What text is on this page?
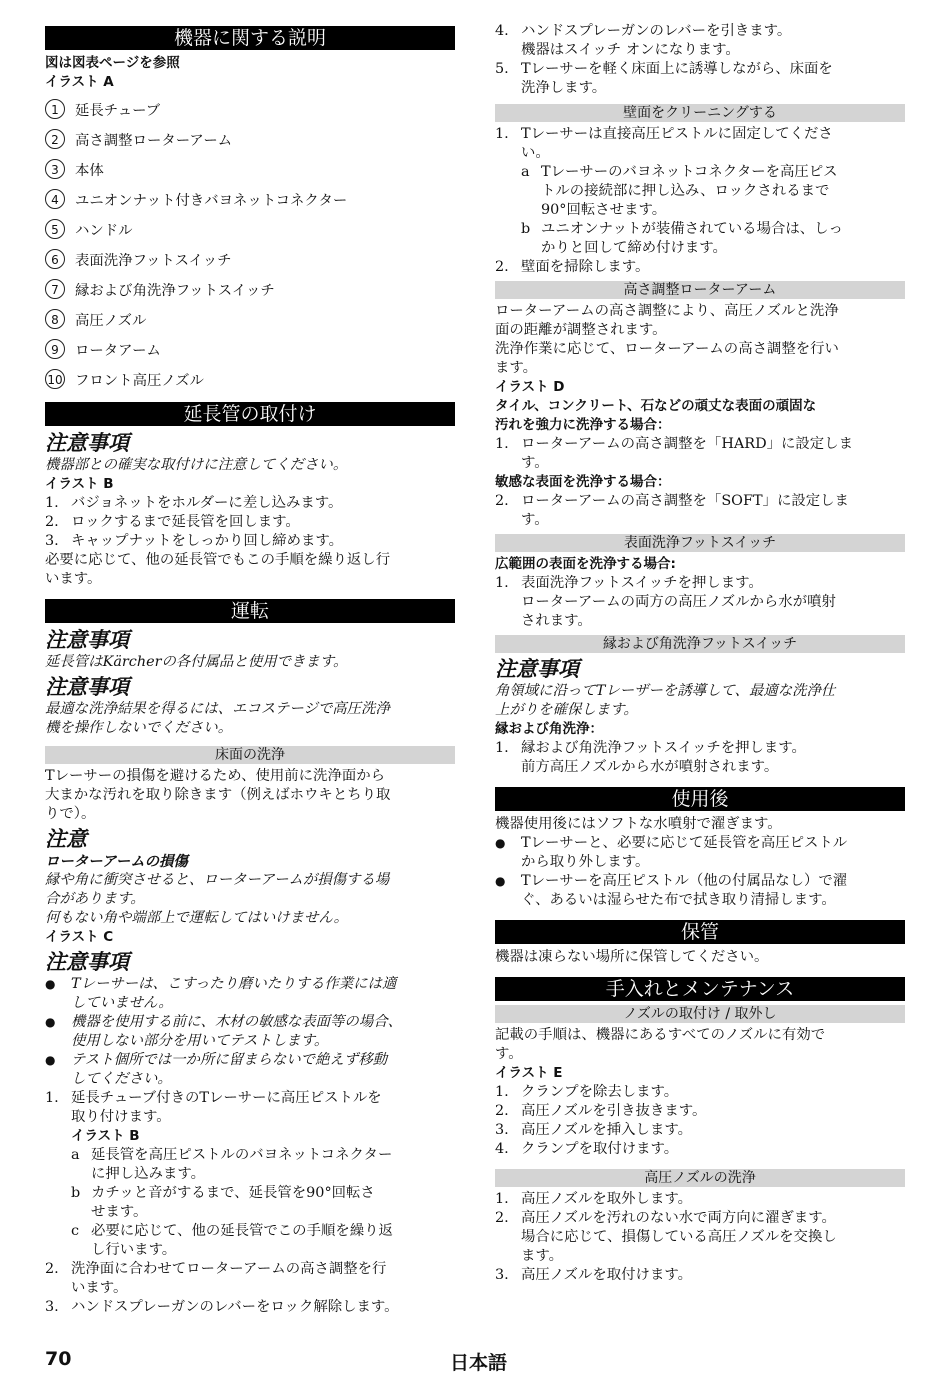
機器に関する説明
図は図表ページを参照
イラスト A
1	延長チューブ
2	高さ調整ローターアーム
3	本体
4	ユニオンナット付きバヨネットコネクター
5	ハンドル
6	表面洗浄フットスイッチ
7	縁および角洗浄フットスイッチ
8	高圧ノズル
9	ロータアーム
10 フロント高圧ノズル
延長管の取付け
注意事項
機器部との確実な取付けに注意してください。
イラスト B
1. バジョネットをホルダーに差し込みます。
2. ロックするまで延長管を回します。
3. キャップナットをしっかり回し締めます。
必要に応じて、他の延長管でもこの手順を繰り返し行
います。
運転
注意事項
延長管はKärcherの各付属品と使用できます。
注意事項
最適な洗浄結果を得るには、エコステージで高圧洗浄
機を操作しないでください。
床面の洗浄
Tレーサーの損傷を避けるため、使用前に洗浄面から
大まかな汚れを取り除きます（例えばホウキとちり取
りで）。
注意
ローターアームの損傷
縁や角に衝突させると、ローターアームが損傷する場
合があります。
何もない角や端部上で運転してはいけません。
イラスト C
注意事項
●	Tレーサーは、こすったり磨いたりする作業には適
していません。
●	機器を使用する前に、木材の敏感な表面等の場合、
使用しない部分を用いてテストします。
●	テスト個所では一か所に留まらないで絶えず移動
してください。
1. 延長チューブ付きのTレーサーに高圧ピストルを
取り付けます。
イラスト B
a 延長管を高圧ピストルのバヨネットコネクター
に押し込みます。
b カチッと音がするまで、延長管を90°回転さ
せます。
c 必要に応じて、他の延長管でこの手順を繰り返
し行います。
2. 洗浄面に合わせてローターアームの高さ調整を行
います。
3. ハンドスプレーガンのレバーをロック解除します。
4. ハンドスプレーガンのレバーを引きます。
機器はスイッチ オンになります。
5. Tレーサーを軽く床面上に誘導しながら、床面を
洗浄します。
壁面をクリーニングする
1. Tレーサーは直接高圧ピストルに固定してくださ
い。
a Tレーサーのバヨネットコネクターを高圧ピス
トルの接続部に押し込み、ロックされるまで
90°回転させます。
b ユニオンナットが装備されている場合は、しっ
かりと回して締め付けます。
2. 壁面を掃除します。
高さ調整ローターアーム
ローターアームの高さ調整により、高圧ノズルと洗浄
面の距離が調整されます。
洗浄作業に応じて、ローターアームの高さ調整を行い
ます。
イラスト D
タイル、コンクリート、石などの頑丈な表面の頑固な
汚れを強力に洗浄する場合：
1. ローターアームの高さ調整を「HARD」に設定しま
す。
敏感な表面を洗浄する場合：
2. ローターアームの高さ調整を「SOFT」に設定しま
す。
表面洗浄フットスイッチ
広範囲の表面を洗浄する場合:
1. 表面洗浄フットスイッチを押します。
ローターアームの両方の高圧ノズルから水が噴射
されます。
縁および角洗浄フットスイッチ
注意事項
角領域に沿ってTレーザーを誘導して、最適な洗浄仕
上がりを確保します。
縁および角洗浄：
1. 縁および角洗浄フットスイッチを押します。
前方高圧ノズルから水が噴射されます。
使用後
機器使用後にはソフトな水噴射で濯ぎます。
●	Tレーサーと、必要に応じて延長管を高圧ピストル
から取り外します。
●	Tレーサーを高圧ピストル（他の付属品なし）で濯
ぐ、あるいは湿らせた布で拭き取り清掃します。
保管
機器は凍らない場所に保管してください。
手入れとメンテナンス
ノズルの取付け / 取外し
記載の手順は、機器にあるすべてのノズルに有効で
す。
イラスト E
1. クランプを除去します。
2. 高圧ノズルを引き抜きます。
3. 高圧ノズルを挿入します。
4. クランプを取付けます。
高圧ノズルの洗浄
1. 高圧ノズルを取外します。
2. 高圧ノズルを汚れのない水で両方向に濯ぎます。
場合に応じて、損傷している高圧ノズルを交換し
ます。
3. 高圧ノズルを取付けます。
70	日本語
